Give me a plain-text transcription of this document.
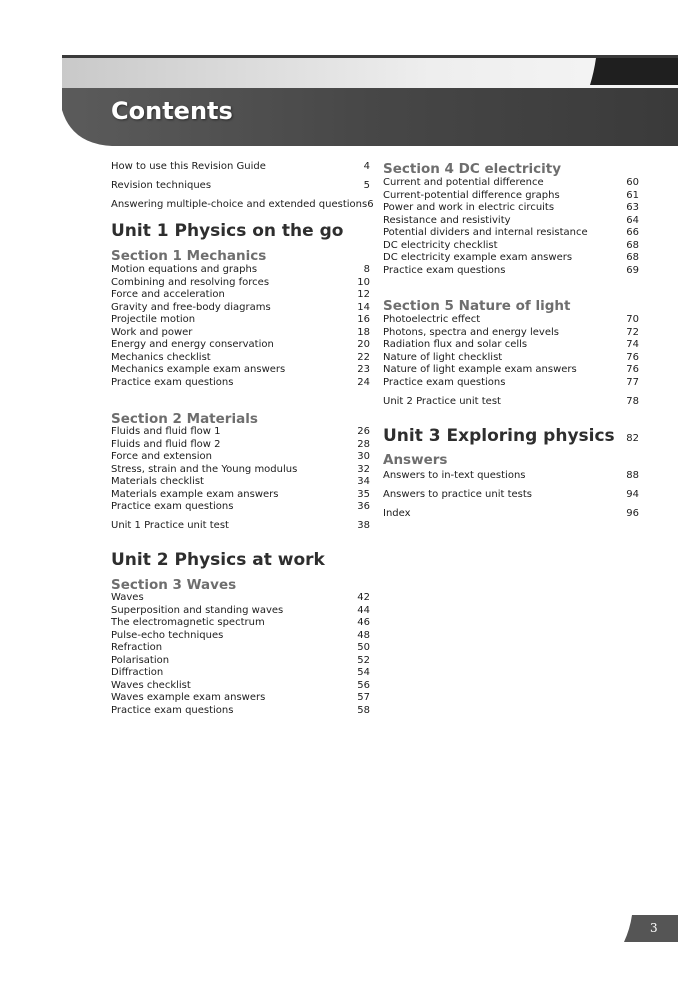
Contents
How to use this Revision Guide	4
Revision techniques	5
Answering multiple-choice and extended questions 6
Unit 1 Physics on the go
Section 1 Mechanics
Motion equations and graphs	8
Combining and resolving forces	10
Force and acceleration	12
Gravity and free-body diagrams	14
Projectile motion	16
Work and power	18
Energy and energy conservation	20
Mechanics checklist	22
Mechanics example exam answers	23
Practice exam questions	24
Section 2 Materials
Fluids and fluid flow 1	26
Fluids and fluid flow 2	28
Force and extension	30
Stress, strain and the Young modulus	32
Materials checklist	34
Materials example exam answers	35
Practice exam questions	36
Unit 1 Practice unit test	38
Unit 2 Physics at work
Section 3 Waves
Waves	42
Superposition and standing waves	44
The electromagnetic spectrum	46
Pulse-echo techniques	48
Refraction	50
Polarisation	52
Diffraction	54
Waves checklist	56
Waves example exam answers	57
Practice exam questions	58
Section 4 DC electricity
Current and potential difference	60
Current-potential difference graphs	61
Power and work in electric circuits	63
Resistance and resistivity	64
Potential dividers and internal resistance	66
DC electricity checklist	68
DC electricity example exam answers	68
Practice exam questions	69
Section 5 Nature of light
Photoelectric effect	70
Photons, spectra and energy levels	72
Radiation flux and solar cells	74
Nature of light checklist	76
Nature of light example exam answers	76
Practice exam questions	77
Unit 2 Practice unit test	78
Unit 3 Exploring physics 82
Answers
Answers to in-text questions	88
Answers to practice unit tests	94
Index	96
3
